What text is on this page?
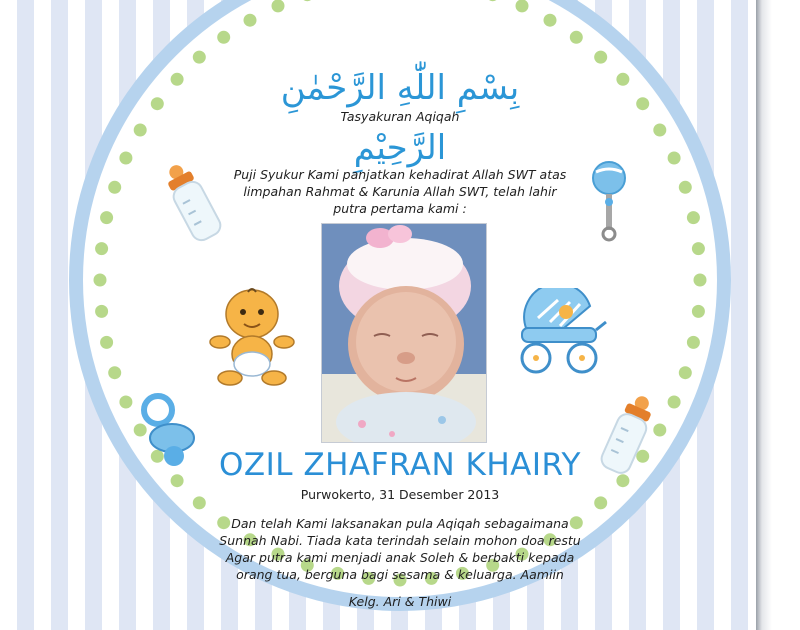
بِسْمِ اللّٰهِ الرَّحْمٰنِ الرَّحِيْمِ
Tasyakuran Aqiqah
Puji Syukur Kami panjatkan kehadirat Allah SWT atas
limpahan Rahmat & Karunia Allah SWT, telah lahir
putra pertama kami :
OZIL ZHAFRAN KHAIRY
Purwokerto, 31 Desember 2013
Dan telah Kami laksanakan pula Aqiqah sebagaimana
Sunnah Nabi. Tiada kata terindah selain mohon doa restu
Agar putra kami menjadi anak Soleh & berbakti kepada
orang tua, berguna bagi sesama & keluarga. Aamiin
Kelg. Ari & Thiwi
